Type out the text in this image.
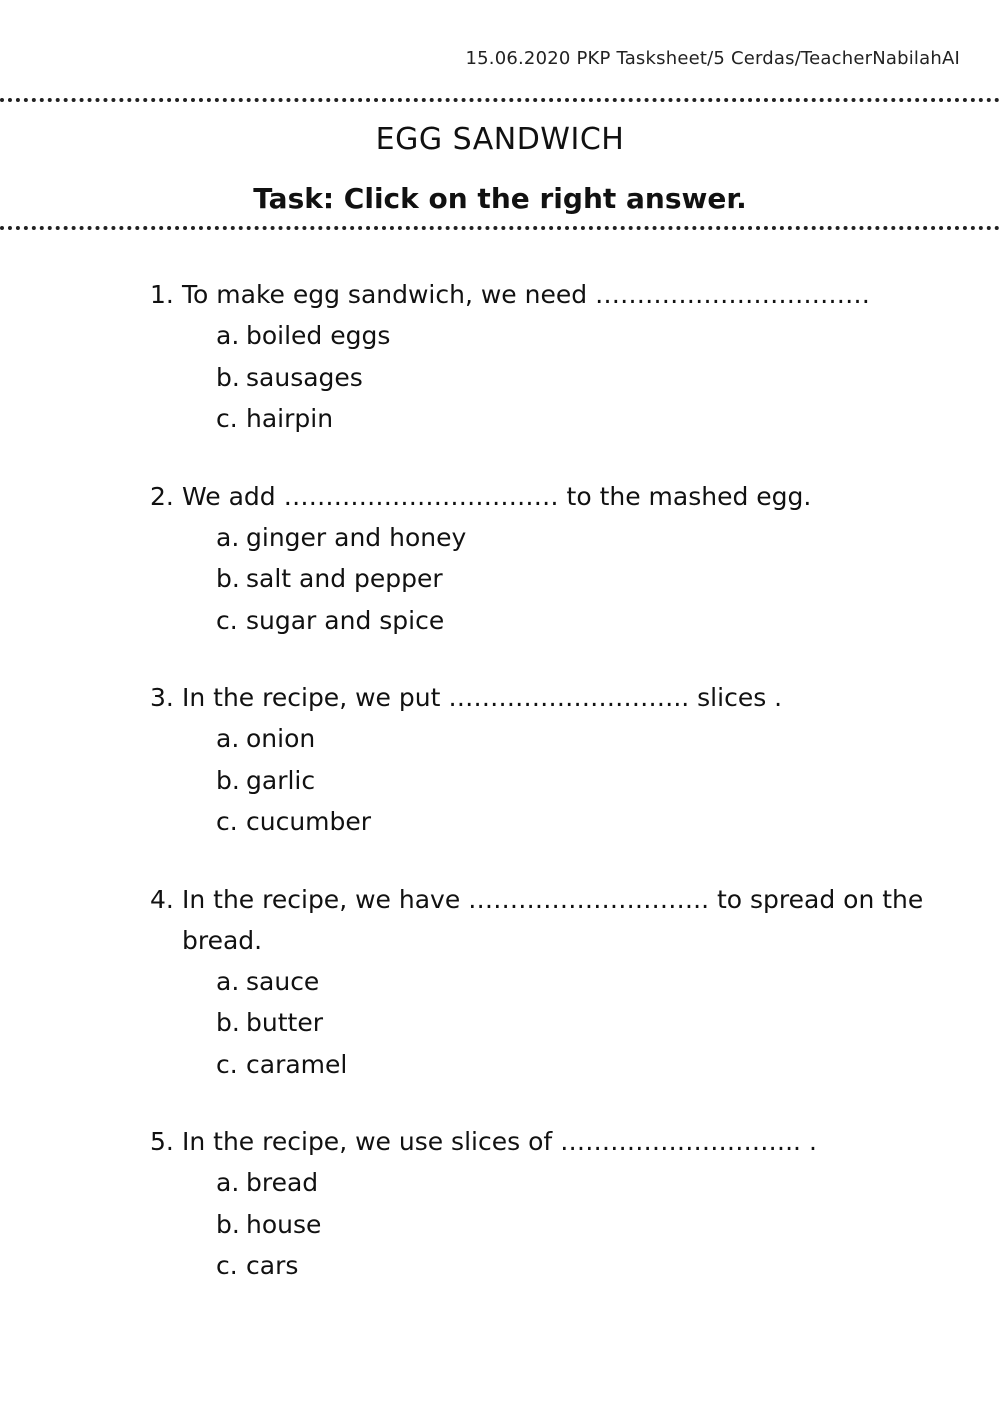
15.06.2020 PKP Tasksheet/5 Cerdas/TeacherNabilahAI
EGG SANDWICH
Task: Click on the right answer.
1. To make egg sandwich, we need ……………………………
a. boiled eggs
b. sausages
c. hairpin
2. We add …………………………… to the mashed egg.
a. ginger and honey
b. salt and pepper
c. sugar and spice
3. In the recipe, we put ……………………….. slices .
a. onion
b. garlic
c. cucumber
4. In the recipe, we have ……………………….. to spread on the bread.
a. sauce
b. butter
c. caramel
5. In the recipe, we use slices of ……………………….. .
a. bread
b. house
c. cars
